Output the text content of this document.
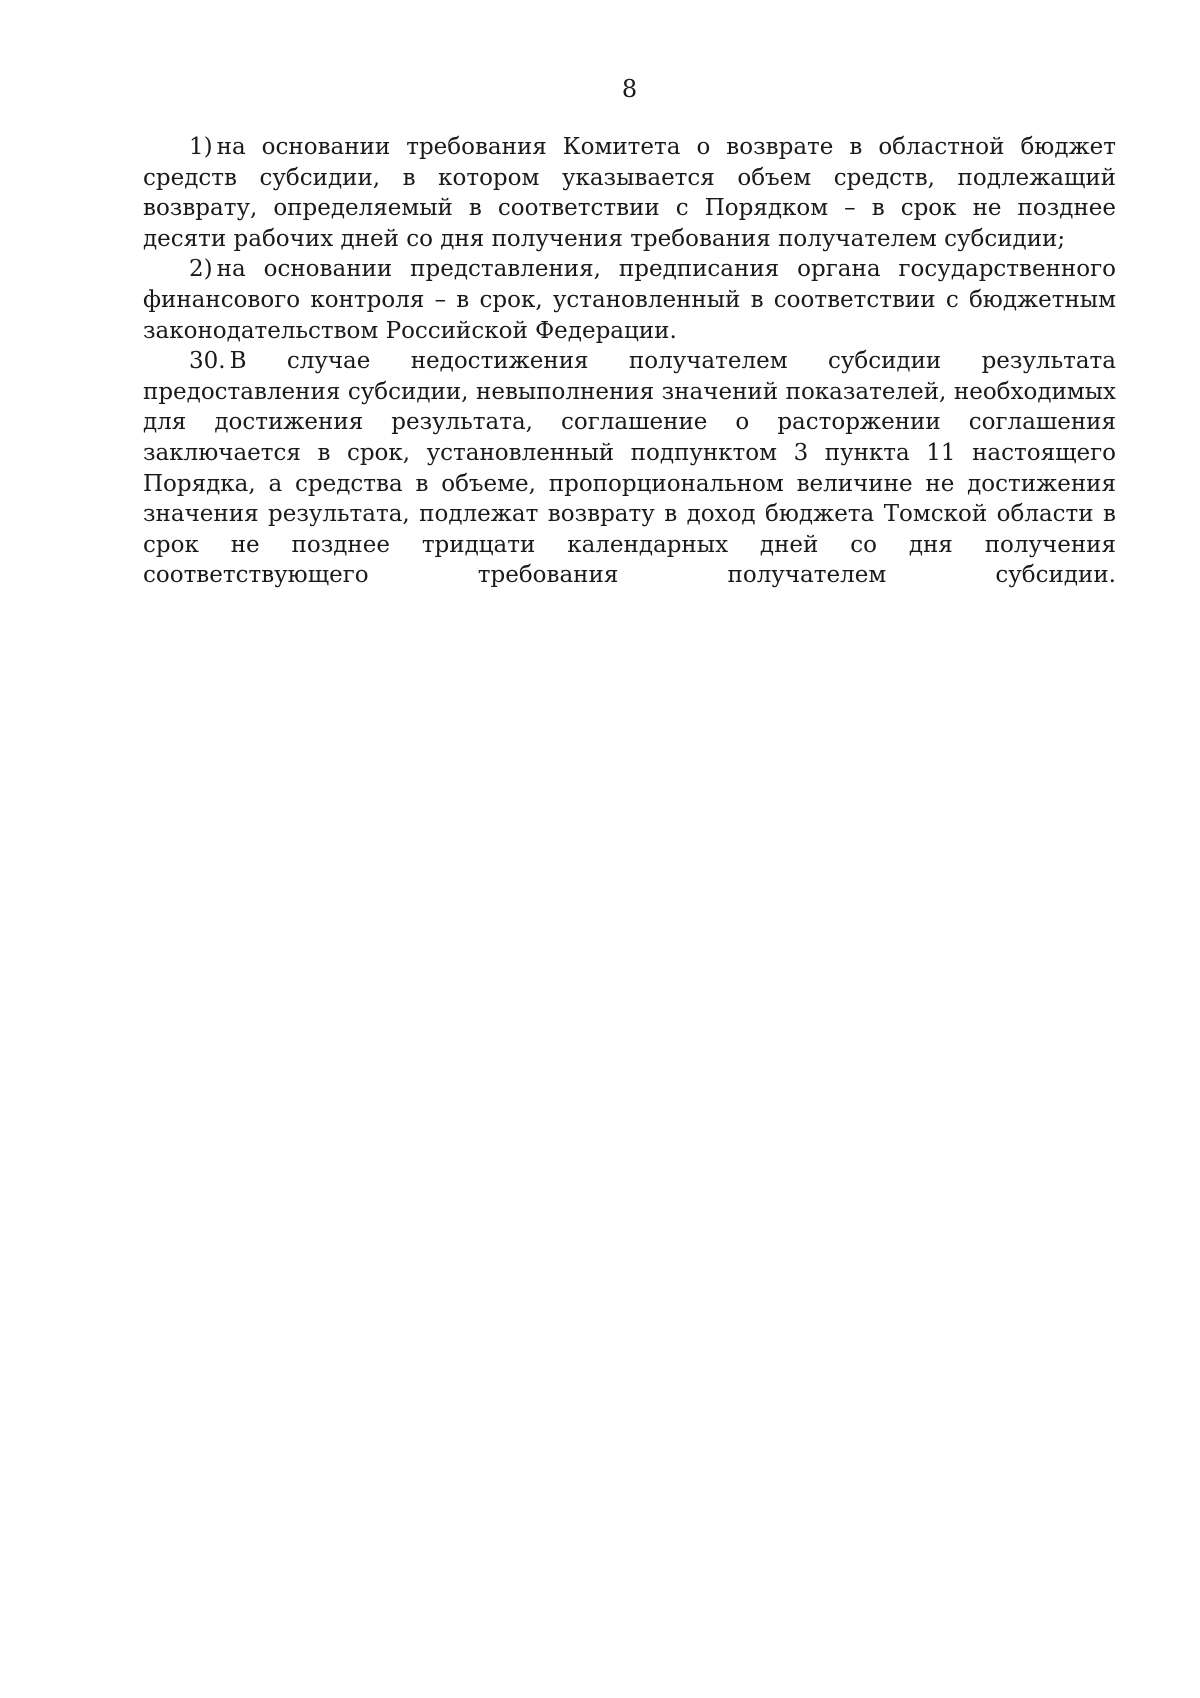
8

1) на основании требования Комитета о возврате в областной бюджет средств субсидии, в котором указывается объем средств, подлежащий возврату, определяемый в соответствии с Порядком – в срок не позднее десяти рабочих дней со дня получения требования получателем субсидии;

2) на основании представления, предписания органа государственного финансового контроля – в срок, установленный в соответствии с бюджетным законодательством Российской Федерации.

30. В случае недостижения получателем субсидии результата предоставления субсидии, невыполнения значений показателей, необходимых для достижения результата, соглашение о расторжении соглашения заключается в срок, установленный подпунктом 3 пункта 11 настоящего Порядка, а средства в объеме, пропорциональном величине не достижения значения результата, подлежат возврату в доход бюджета Томской области в срок не позднее тридцати календарных дней со дня получения соответствующего требования получателем субсидии.
